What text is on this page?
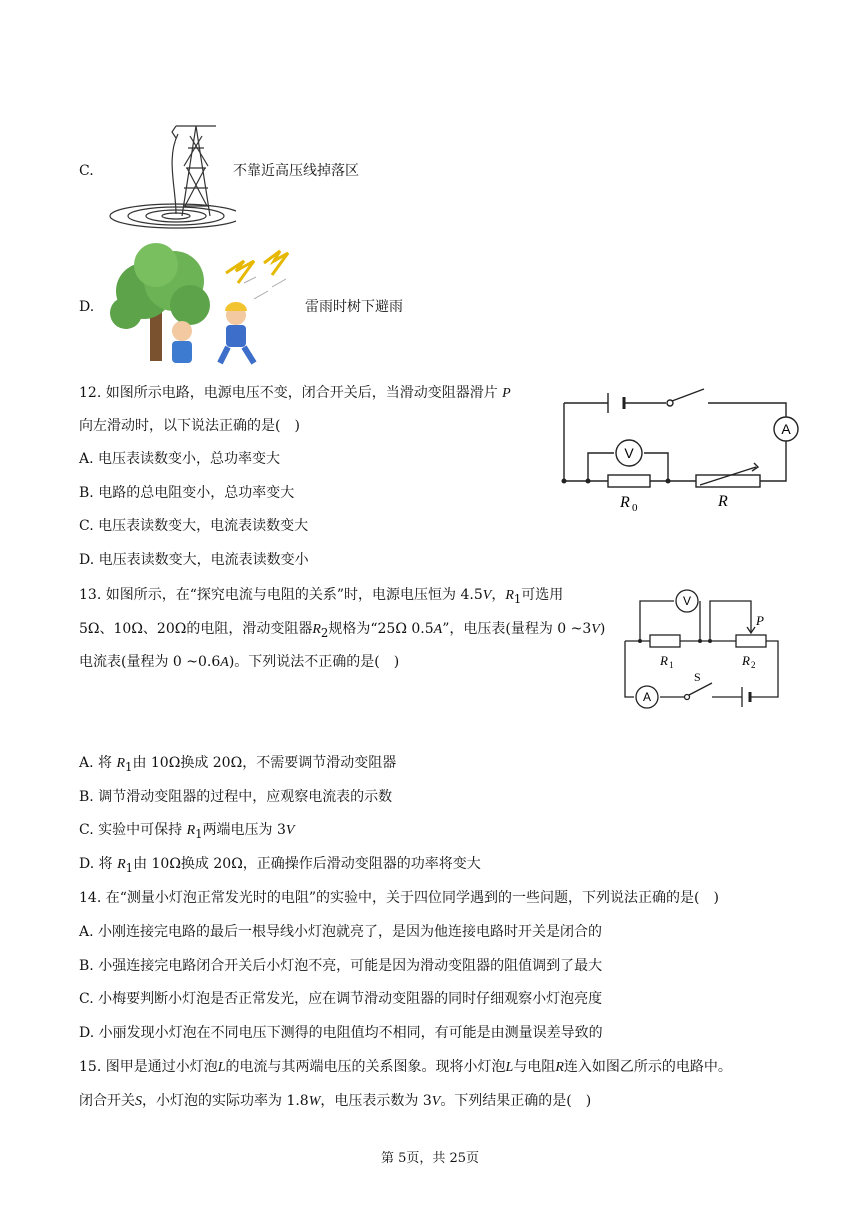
C.	不靠近高压线掉落区
D.	雷雨时树下避雨
12. 如图所示电路，电源电压不变，闭合开关后，当滑动变阻器滑片 P
向左滑动时，以下说法正确的是( )
A. 电压表读数变小，总功率变大
B. 电路的总电阻变小，总功率变大
C. 电压表读数变大，电流表读数变大
D. 电压表读数变大，电流表读数变小
A
V
R 0	R
13. 如图所示，在“探究电流与电阻的关系”时，电源电压恒为 4.5V，$R_1$可选用
5Ω、10Ω、20Ω的电阻，滑动变阻器$R_2$规格为“25Ω 0.5A”，电压表(量程为 0 ~3V)
电流表(量程为 0 ~0.6A)。下列说法不正确的是( )
V
A
P
S
R 1	R 2
A. 将 $R_1$由 10Ω换成 20Ω，不需要调节滑动变阻器
B. 调节滑动变阻器的过程中，应观察电流表的示数
C. 实验中可保持 $R_1$两端电压为 3V
D. 将 $R_1$由 10Ω换成 20Ω，正确操作后滑动变阻器的功率将变大
14. 在“测量小灯泡正常发光时的电阻”的实验中，关于四位同学遇到的一些问题，下列说法正确的是( )
A. 小刚连接完电路的最后一根导线小灯泡就亮了，是因为他连接电路时开关是闭合的
B. 小强连接完电路闭合开关后小灯泡不亮，可能是因为滑动变阻器的阻值调到了最大
C. 小梅要判断小灯泡是否正常发光，应在调节滑动变阻器的同时仔细观察小灯泡亮度
D. 小丽发现小灯泡在不同电压下测得的电阻值均不相同，有可能是由测量误差导致的
15. 图甲是通过小灯泡L的电流与其两端电压的关系图象。现将小灯泡L与电阻R连入如图乙所示的电路中。
闭合开关S，小灯泡的实际功率为 1.8W，电压表示数为 3V。下列结果正确的是( )
第 5页，共 25页
